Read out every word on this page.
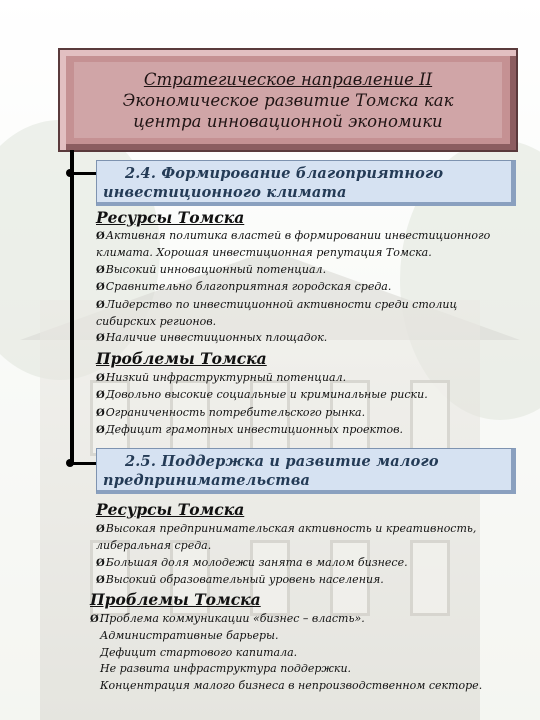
Стратегическое направление II
Экономическое развитие Томска как
центра инновационной экономики
2.4. Формирование благоприятного
инвестиционного климата
Ресурсы Томска
ØАктивная политика властей в формировании инвестиционного
климата. Хорошая инвестиционная репутация Томска.
ØВысокий инновационный потенциал.
ØСравнительно благоприятная городская среда.
ØЛидерство по инвестиционной активности среди столиц
сибирских регионов.
ØНаличие инвестиционных площадок.
Проблемы Томска
ØНизкий инфраструктурный потенциал.
ØДовольно высокие социальные и криминальные риски.
ØОграниченность потребительского рынка.
ØДефицит грамотных инвестиционных проектов.
2.5. Поддержка и развитие малого
предпринимательства
Ресурсы Томска
ØВысокая предпринимательская активность и креативность,
либеральная среда.
ØБольшая доля молодежи занята в малом бизнесе.
ØВысокий образовательный уровень населения.
Проблемы Томска
ØПроблема коммуникации «бизнес – власть».
Административные барьеры.
Дефицит стартового капитала.
Не развита инфраструктура поддержки.
Концентрация малого бизнеса в непроизводственном секторе.
